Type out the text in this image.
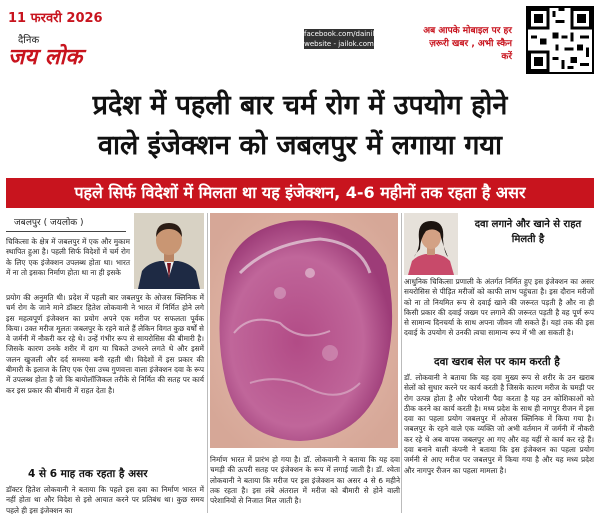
11 फरवरी 2026
दैनिक
जय लोक
facebook.com/dainikjailok
website - jailok.com
अब आपके मोबाइल पर हर
ज़रूरी खबर , अभी स्कैन करें
प्रदेश में पहली बार चर्म रोग में उपयोग होने
वाले इंजेक्शन को जबलपुर में लगाया गया
पहले सिर्फ विदेशों में मिलता था यह इंजेक्शन, 4-6 महीनों तक रहता है असर
जबलपुर ( जयलोक )
चिकित्सा के क्षेत्र में जबलपुर में एक और मुकाम स्थापित हुआ है। पहली सिर्फ विदेशों में चर्म रोग के लिए एक इंजेक्शन उपलब्ध होता था। भारत में ना तो इसका निर्माण होता था ना ही इसके
प्रयोग की अनुमति थी। प्रदेश में पहली बार जबलपुर के ओजस क्लिनिक में चर्म रोग के जाने माने डॉक्टर हितेश लोकवानी ने भारत में निर्मित होने लगे इस महत्वपूर्ण इंजेक्शन का प्रयोग अपने एक मरीज पर सफलता पूर्वक किया। उक्त मरीज मूलतः जबलपुर के रहने वाले हैं लेकिन विगत कुछ वर्षों से वे जर्मनी में नौकरी कर रहे थे। उन्हें गंभीर रूप से सायरोसिस की बीमारी है। जिसके कारण उनके शरीर में दाग या चिकते उभरने लगते थे और इसमें जलन खुजली और दर्द समस्या बनी रहती थी। विदेशों में इस प्रकार की बीमारी के इलाज के लिए एक ऐसा उच्च गुणवत्ता वाला इंजेक्शन दवा के रूप में उपलब्ध होता है जो कि बायोलॉजिकल तरीके से निर्मित की सतह पर कार्य कर इस प्रकार की बीमारी में राहत देता है।
4 से 6 माह तक रहता है असर
डॉक्टर हितेश लोकवानी ने बताया कि पहले इस दवा का निर्माण भारत में नहीं होता था और विदेश से इसे आयात करने पर प्रतिबंध था। कुछ समय पहले ही इस इंजेक्शन का
निर्माण भारत में प्रारंभ हो गया है। डॉ. लोकवानी ने बताया कि यह दवा चमड़ी की ऊपरी सतह पर इंजेक्शन के रूप में लगाई जाती है। डॉ. श्वेता लोकवानी ने बताया कि मरीज पर इस इंजेक्शन का असर 4 से 6 महीने तक रहता है। इस लंबे अंतराल में मरीज को बीमारी से होने वाली परेशानियों से निजात मिल जाती है।
दवा लगाने और खाने से राहत मिलती है
आधुनिक चिकित्सा प्रणाली के अंतर्गत निर्मित हुए इस इंजेक्शन का असर सयरोसिस से पीड़ित मरीजों को काफी लाभ पहुंचता है। इस दौरान मरीजों को ना तो नियमित रूप से दवाई खाने की जरूरत पड़ती है और ना ही किसी प्रकार की दवाई जख्म पर लगाने की जरूरत पड़ती है वह पूर्ण रूप से सामान्य दिनचर्या के साथ अपना जीवन जी सकते हैं। यहां तक की इस दवाई के उपयोग से उनकी त्वचा सामान्य रूप में भी आ सकती है।
दवा खराब सेल पर काम करती है
डॉ. लोकवानी ने बताया कि यह दवा मुख्य रूप से शरीर के उन खराब सेलों को सुधार करने पर कार्य करती है जिसके कारण मरीज के चमड़ी पर रोग उत्पन्न होता है और परेशानी पैदा करता है यह उन कोशिकाओं को ठीक करने का कार्य करती है। मध्य प्रदेश के साथ ही नागपुर रीजन में इस दवा का पहला प्रयोग जबलपुर में ओजस क्लिनिक में किया गया है। जबलपुर के रहने वाले एक व्यक्ति जो अभी वर्तमान में जर्मनी में नौकरी कर रहे थे अब वापस जबलपुर आ गए और वह यहीं से कार्य कर रहे हैं। दवा बनाने वाली कंपनी ने बताया कि इस इंजेक्शन का पहला प्रयोग जर्मनी से आए मरीज पर जबलपुर में किया गया है और यह मध्य प्रदेश और नागपुर रीजन का पहला मामला है।
